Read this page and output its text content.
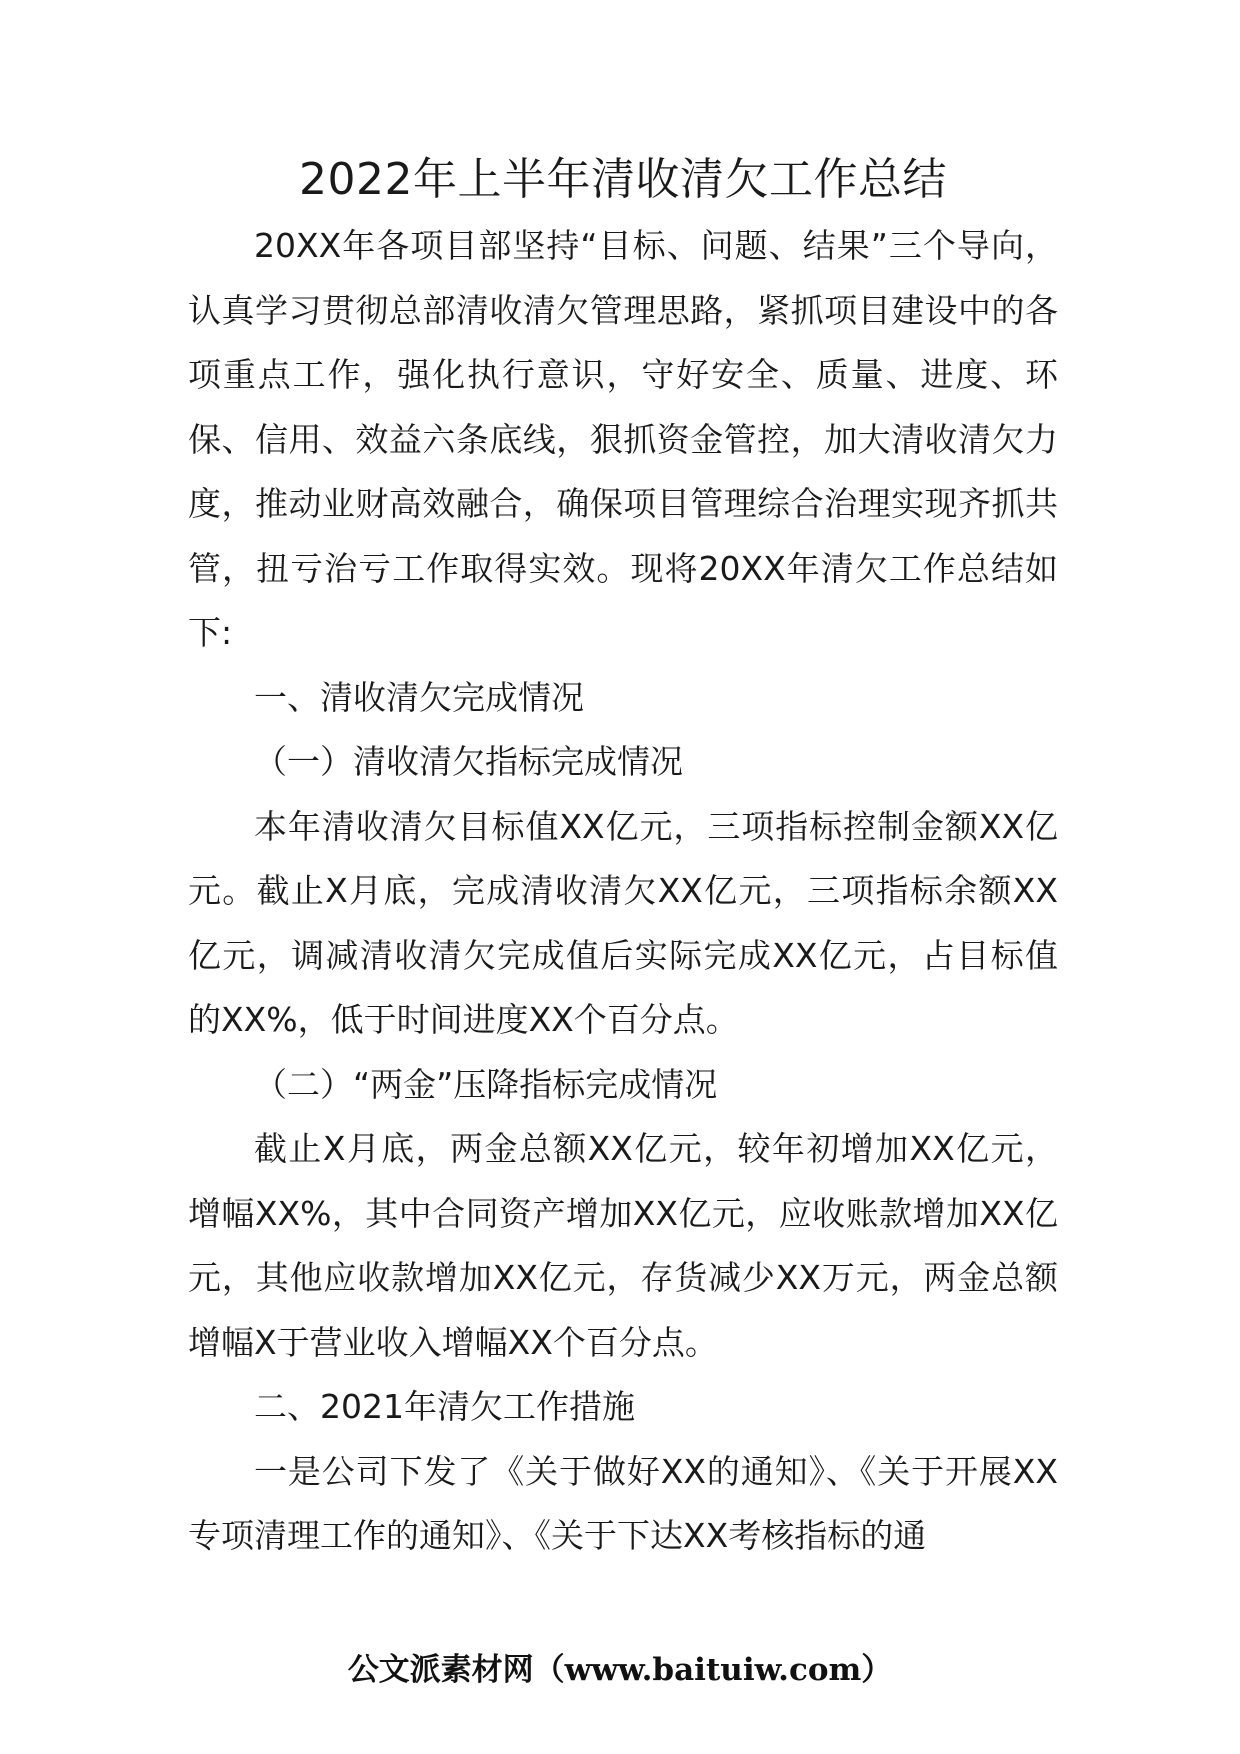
2022年上半年清收清欠工作总结

20XX年各项目部坚持“目标、问题、结果”三个导向，认真学习贯彻总部清收清欠管理思路，紧抓项目建设中的各项重点工作，强化执行意识，守好安全、质量、进度、环保、信用、效益六条底线，狠抓资金管控，加大清收清欠力度，推动业财高效融合，确保项目管理综合治理实现齐抓共管，扭亏治亏工作取得实效。现将20XX年清欠工作总结如下:

一、清收清欠完成情况

（一）清收清欠指标完成情况

本年清收清欠目标值XX亿元，三项指标控制金额XX亿元。截止X月底，完成清收清欠XX亿元，三项指标余额XX亿元，调减清收清欠完成值后实际完成XX亿元，占目标值的XX%，低于时间进度XX个百分点。

（二）“两金”压降指标完成情况

截止X月底，两金总额XX亿元，较年初增加XX亿元，增幅XX%，其中合同资产增加XX亿元，应收账款增加XX亿元，其他应收款增加XX亿元，存货减少XX万元，两金总额增幅X于营业收入增幅XX个百分点。

二、2021年清欠工作措施

一是公司下发了《关于做好XX的通知》、《关于开展XX专项清理工作的通知》、《关于下达XX考核指标的通

公文派素材网（www.baituiw.com）
